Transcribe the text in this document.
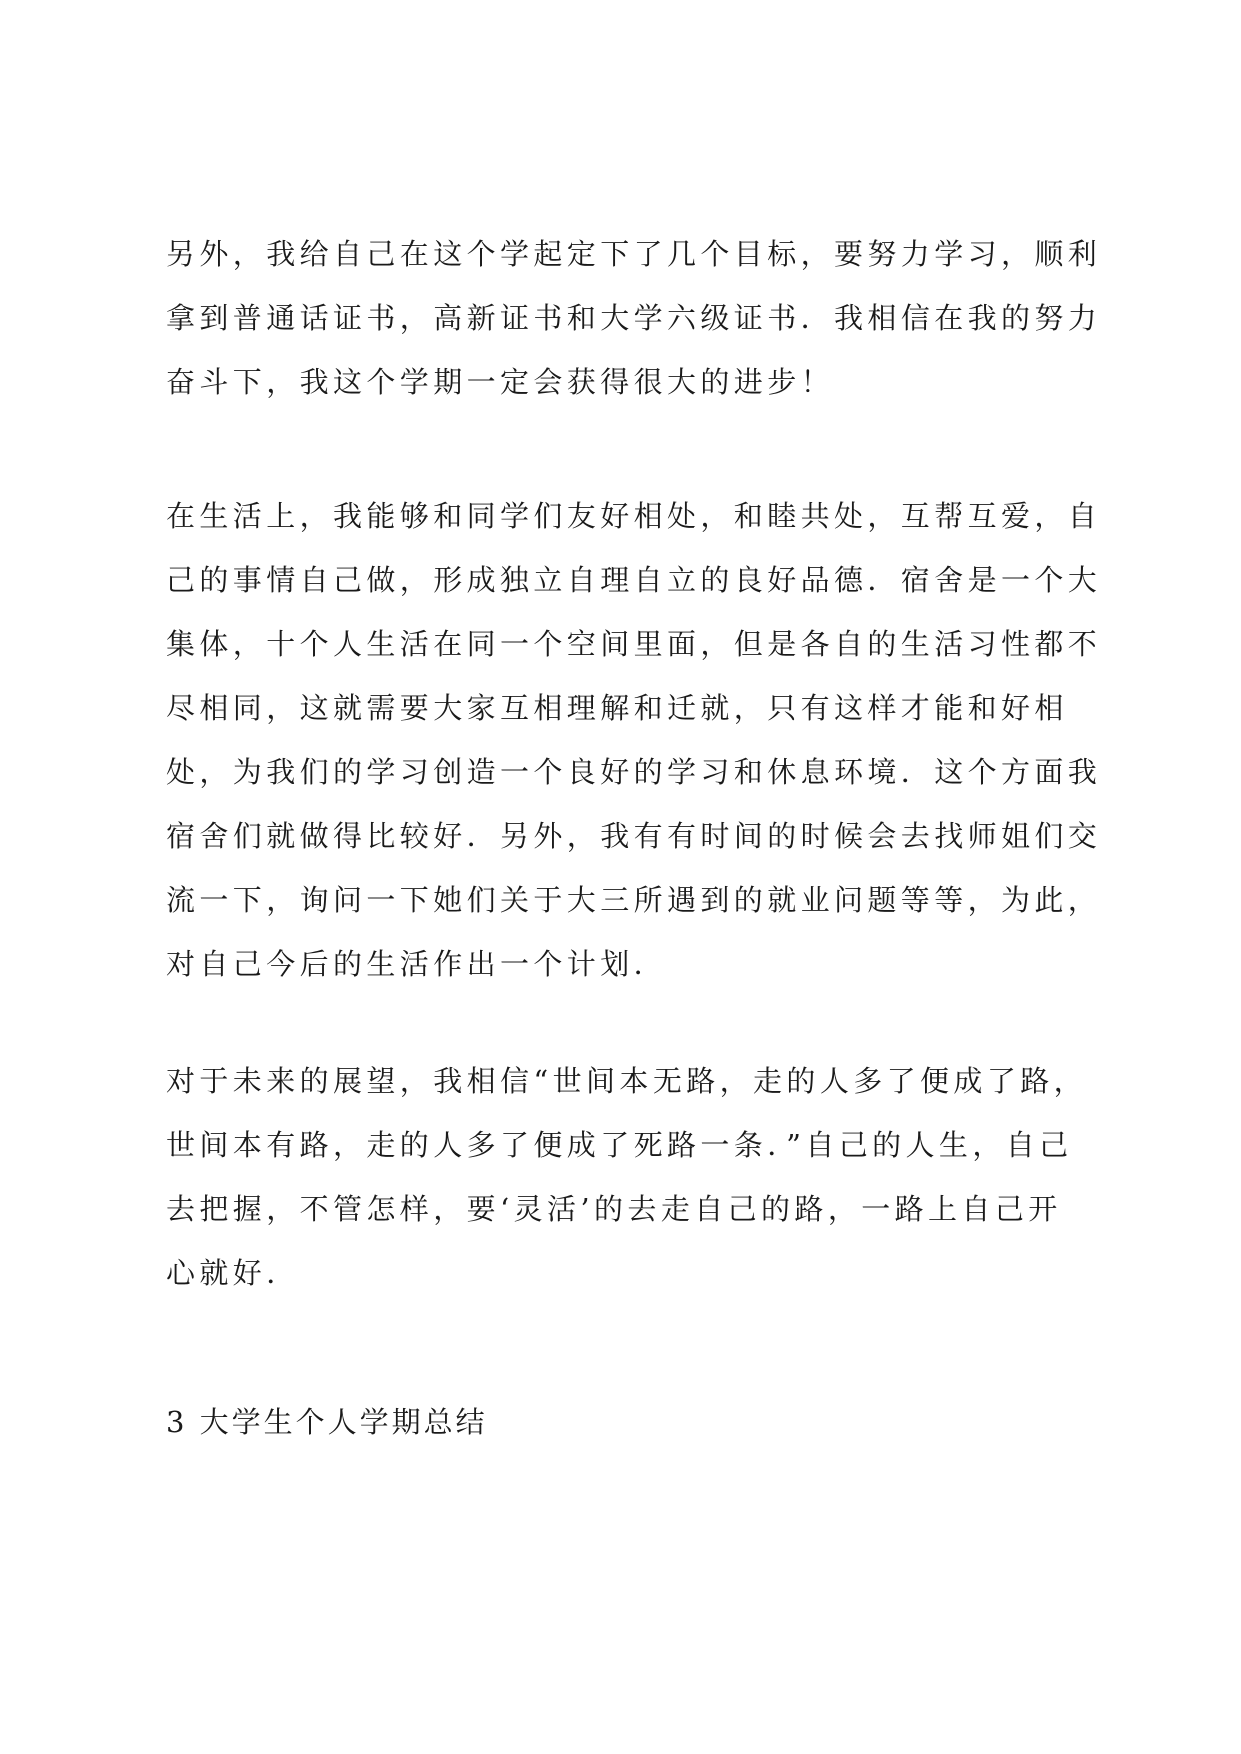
另外，我给自己在这个学起定下了几个目标，要努力学习，顺利
拿到普通话证书，高新证书和大学六级证书．我相信在我的努力
奋斗下，我这个学期一定会获得很大的进步！
在生活上，我能够和同学们友好相处，和睦共处，互帮互爱，自
己的事情自己做，形成独立自理自立的良好品德．宿舍是一个大
集体，十个人生活在同一个空间里面，但是各自的生活习性都不
尽相同，这就需要大家互相理解和迁就，只有这样才能和好相
处，为我们的学习创造一个良好的学习和休息环境．这个方面我
宿舍们就做得比较好．另外，我有有时间的时候会去找师姐们交
流一下，询问一下她们关于大三所遇到的就业问题等等，为此，
对自己今后的生活作出一个计划．
对于未来的展望，我相信“世间本无路，走的人多了便成了路，
世间本有路，走的人多了便成了死路一条．”自己的人生，自己
去把握，不管怎样，要‘灵活’的去走自己的路，一路上自己开
心就好．
3 大学生个人学期总结
